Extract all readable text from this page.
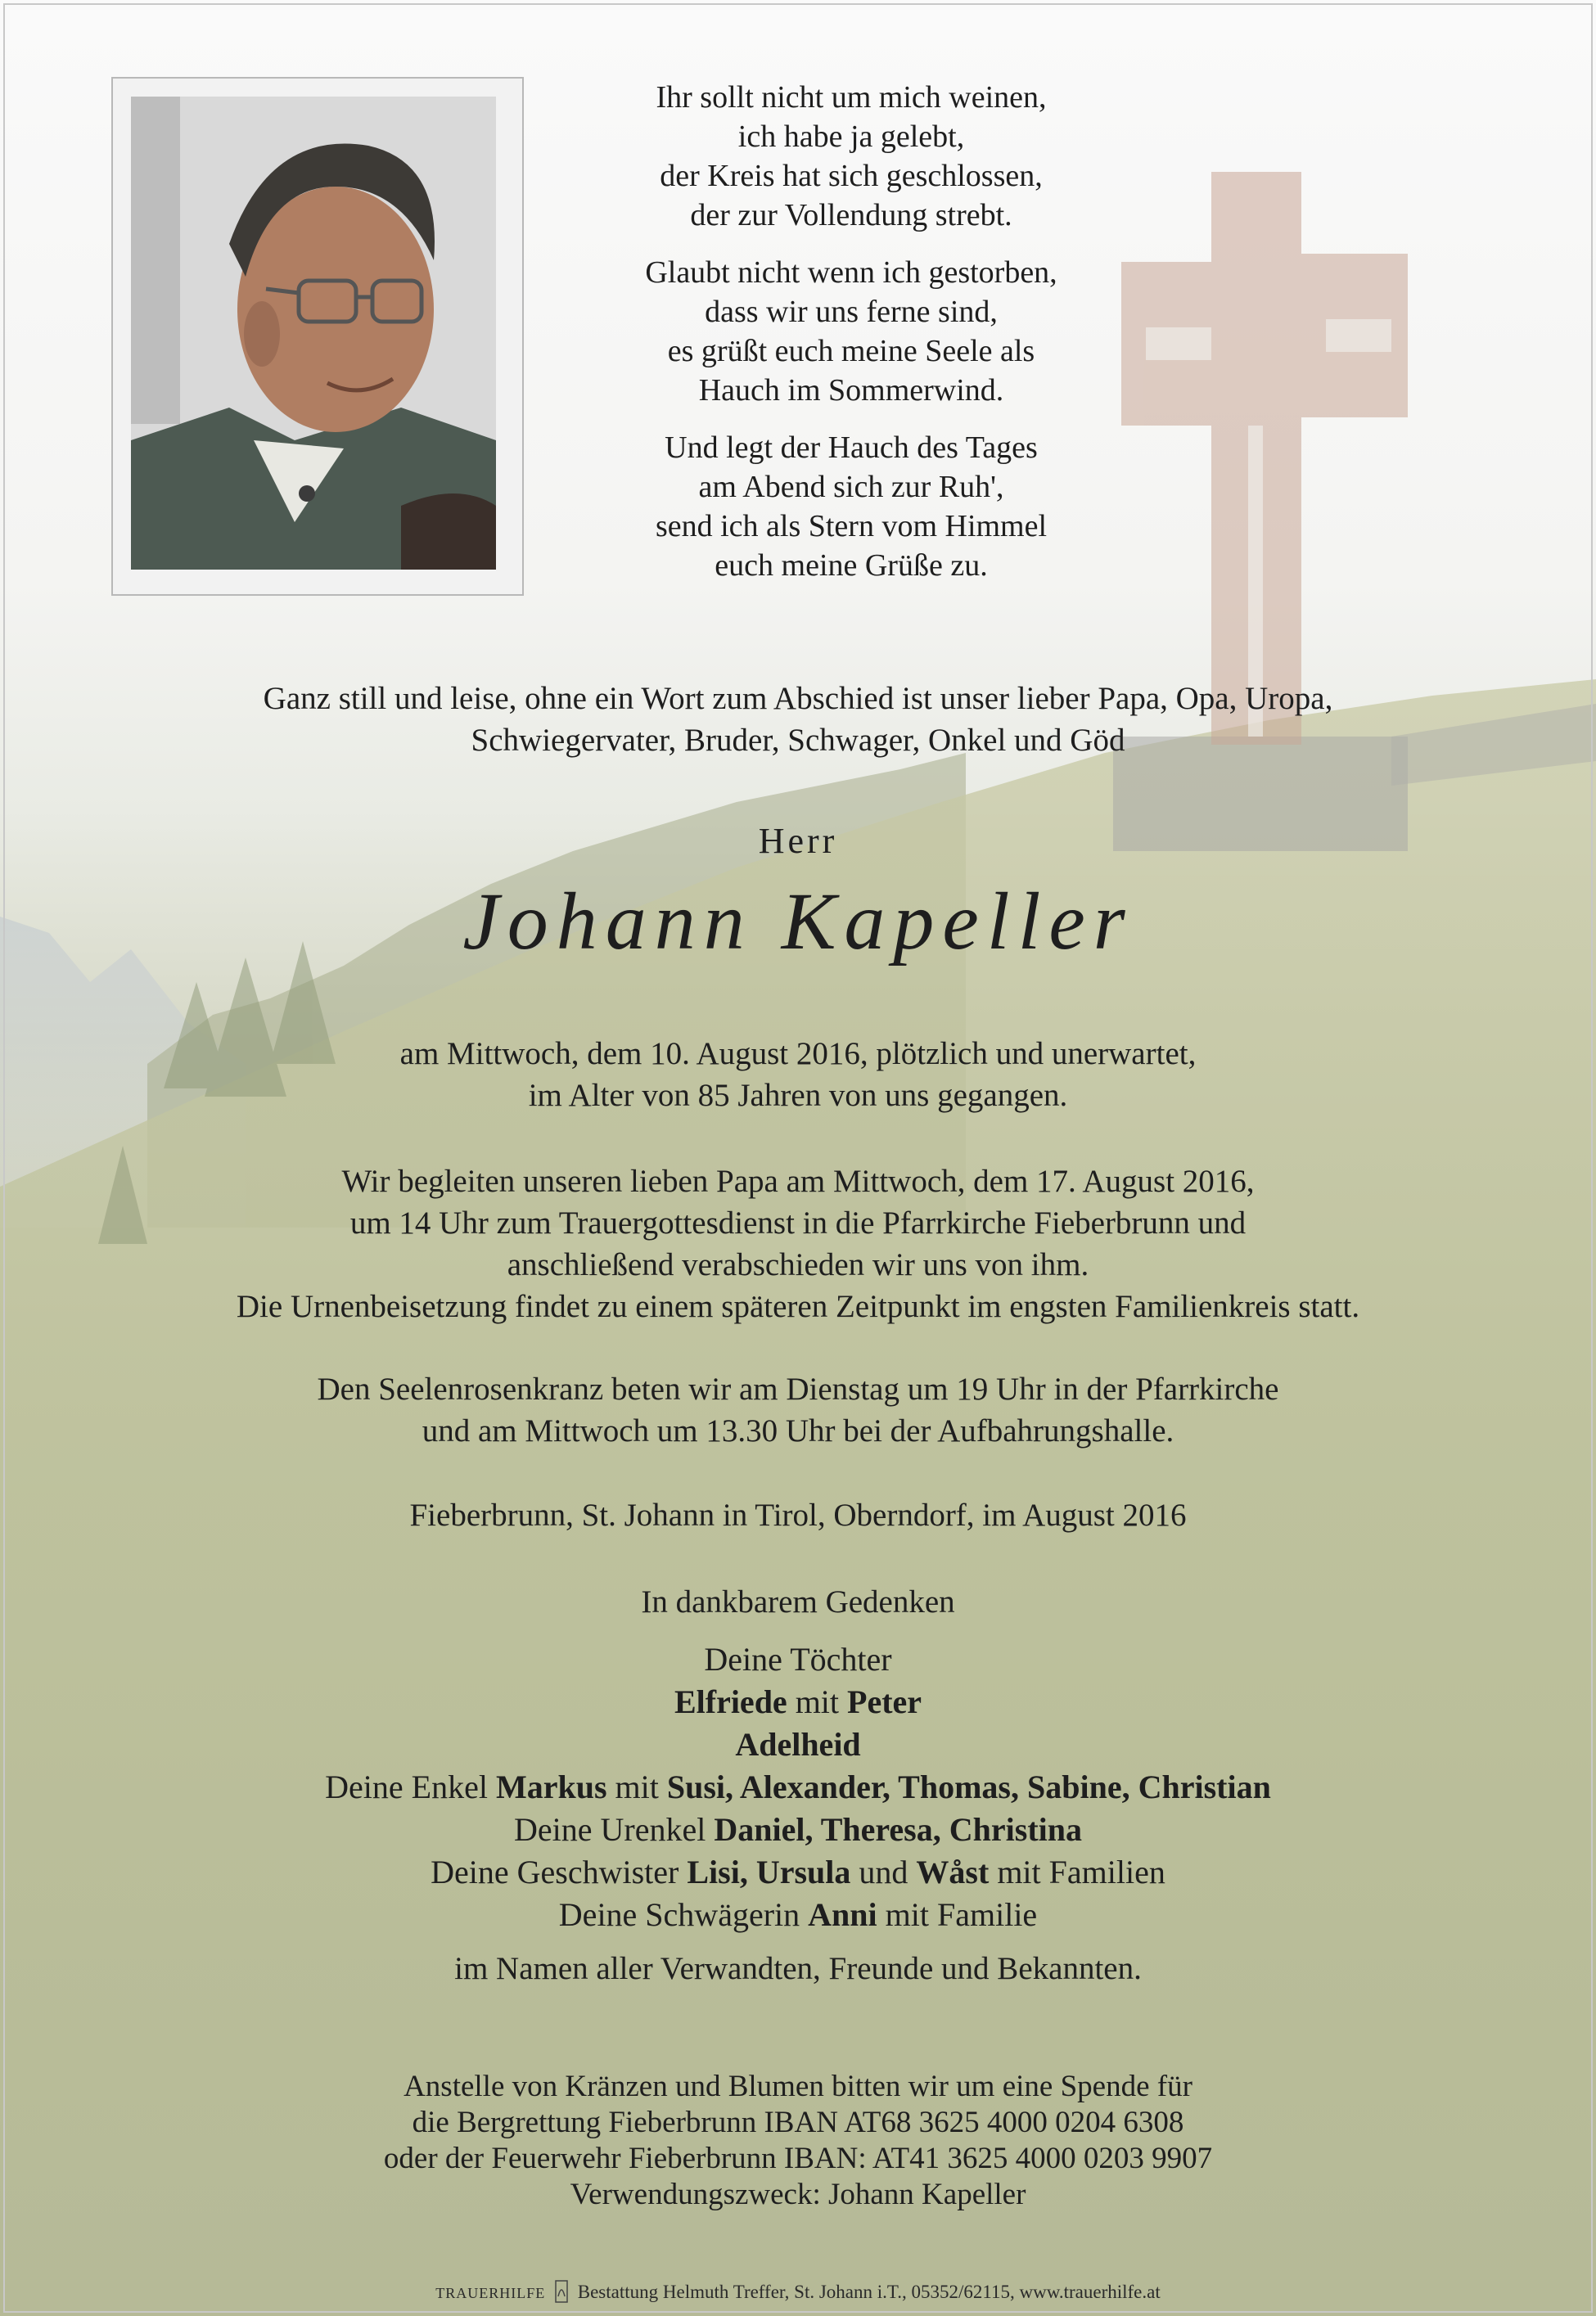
Ihr sollt nicht um mich weinen,
ich habe ja gelebt,
der Kreis hat sich geschlossen,
der zur Vollendung strebt.
Glaubt nicht wenn ich gestorben,
dass wir uns ferne sind,
es grüßt euch meine Seele als
Hauch im Sommerwind.
Und legt der Hauch des Tages
am Abend sich zur Ruh',
send ich als Stern vom Himmel
euch meine Grüße zu.
Ganz still und leise, ohne ein Wort zum Abschied ist unser lieber Papa, Opa, Uropa,
Schwiegervater, Bruder, Schwager, Onkel und Göd
Herr
Johann Kapeller
am Mittwoch, dem 10. August 2016, plötzlich und unerwartet,
im Alter von 85 Jahren von uns gegangen.
Wir begleiten unseren lieben Papa am Mittwoch, dem 17. August 2016,
um 14 Uhr zum Trauergottesdienst in die Pfarrkirche Fieberbrunn und
anschließend verabschieden wir uns von ihm.
Die Urnenbeisetzung findet zu einem späteren Zeitpunkt im engsten Familienkreis statt.
Den Seelenrosenkranz beten wir am Dienstag um 19 Uhr in der Pfarrkirche
und am Mittwoch um 13.30 Uhr bei der Aufbahrungshalle.
Fieberbrunn, St. Johann in Tirol, Oberndorf, im August 2016
In dankbarem Gedenken
Deine Töchter
Elfriede mit Peter
Adelheid
Deine Enkel Markus mit Susi, Alexander, Thomas, Sabine, Christian
Deine Urenkel Daniel, Theresa, Christina
Deine Geschwister Lisi, Ursula und Wåst mit Familien
Deine Schwägerin Anni mit Familie
im Namen aller Verwandten, Freunde und Bekannten.
Anstelle von Kränzen und Blumen bitten wir um eine Spende für
die Bergrettung Fieberbrunn IBAN AT68 3625 4000 0204 6308
oder der Feuerwehr Fieberbrunn IBAN: AT41 3625 4000 0203 9907
Verwendungszweck: Johann Kapeller
TRAUERHILFE Bestattung Helmuth Treffer, St. Johann i.T., 05352/62115, www.trauerhilfe.at
